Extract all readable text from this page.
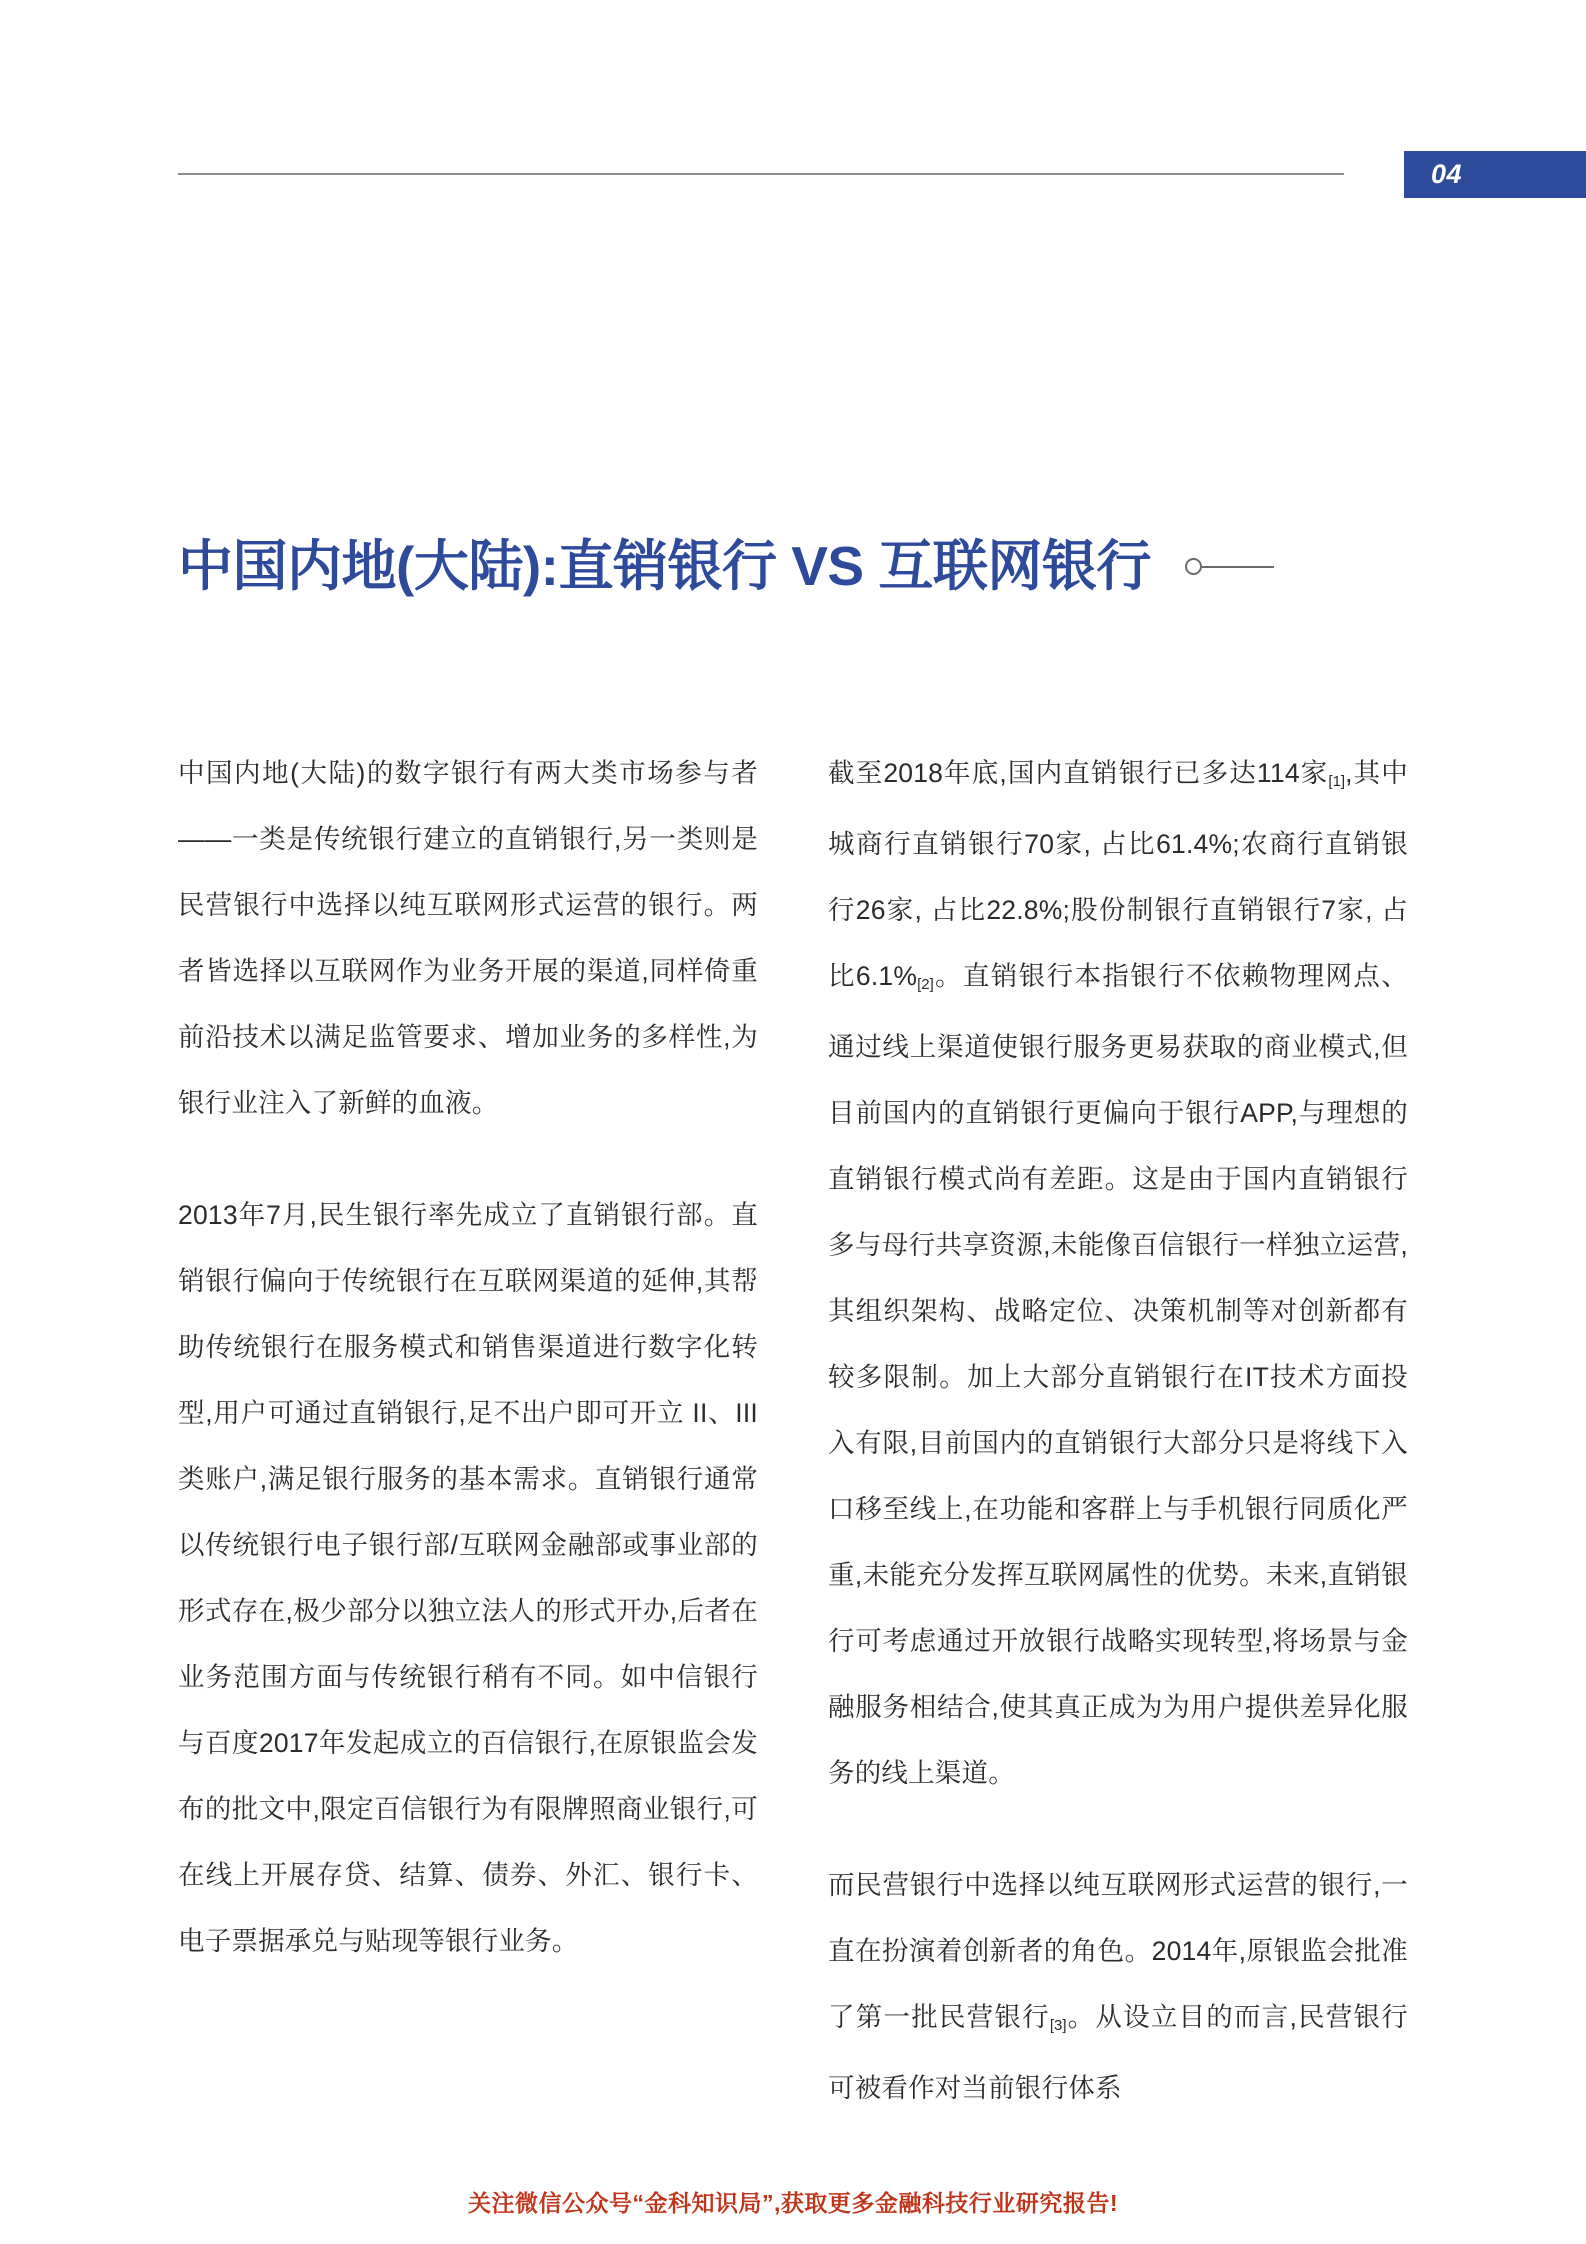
04
中国内地(大陆):直销银行 VS 互联网银行

中国内地(大陆)的数字银行有两大类市场参与者——一类是传统银行建立的直销银行,另一类则是民营银行中选择以纯互联网形式运营的银行。两者皆选择以互联网作为业务开展的渠道,同样倚重前沿技术以满足监管要求、增加业务的多样性,为银行业注入了新鲜的血液。

2013年7月,民生银行率先成立了直销银行部。直销银行偏向于传统银行在互联网渠道的延伸,其帮助传统银行在服务模式和销售渠道进行数字化转型,用户可通过直销银行,足不出户即可开立 II、III 类账户,满足银行服务的基本需求。直销银行通常以传统银行电子银行部/互联网金融部或事业部的形式存在,极少部分以独立法人的形式开办,后者在业务范围方面与传统银行稍有不同。如中信银行与百度2017年发起成立的百信银行,在原银监会发布的批文中,限定百信银行为有限牌照商业银行,可在线上开展存贷、结算、债券、外汇、银行卡、电子票据承兑与贴现等银行业务。

截至2018年底,国内直销银行已多达114家[1],其中城商行直销银行70家, 占比61.4%;农商行直销银行26家, 占比22.8%;股份制银行直销银行7家, 占比6.1%[2]。直销银行本指银行不依赖物理网点、通过线上渠道使银行服务更易获取的商业模式,但目前国内的直销银行更偏向于银行APP,与理想的直销银行模式尚有差距。这是由于国内直销银行多与母行共享资源,未能像百信银行一样独立运营,其组织架构、战略定位、决策机制等对创新都有较多限制。加上大部分直销银行在IT技术方面投入有限,目前国内的直销银行大部分只是将线下入口移至线上,在功能和客群上与手机银行同质化严重,未能充分发挥互联网属性的优势。未来,直销银行可考虑通过开放银行战略实现转型,将场景与金融服务相结合,使其真正成为为用户提供差异化服务的线上渠道。

而民营银行中选择以纯互联网形式运营的银行,一直在扮演着创新者的角色。2014年,原银监会批准了第一批民营银行[3]。从设立目的而言,民营银行可被看作对当前银行体系

关注微信公众号“金科知识局”,获取更多金融科技行业研究报告!
